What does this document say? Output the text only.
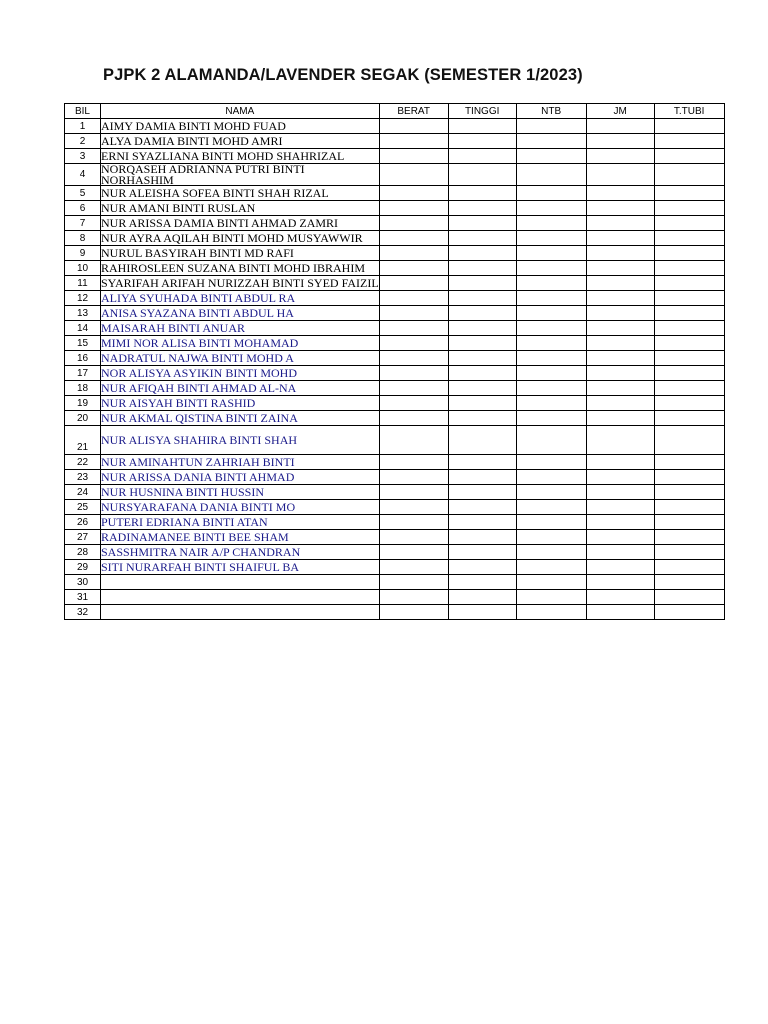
PJPK 2 ALAMANDA/LAVENDER SEGAK (SEMESTER 1/2023)
BIL	NAMA	BERAT	TINGGI	NTB	JM	T.TUBI
1	AIMY DAMIA BINTI MOHD FUAD					
2	ALYA DAMIA BINTI MOHD AMRI					
3	ERNI SYAZLIANA BINTI MOHD SHAHRIZAL					
4	NORQASEH ADRIANNA PUTRI BINTI NORHASHIM					
5	NUR ALEISHA SOFEA BINTI SHAH RIZAL					
6	NUR AMANI BINTI RUSLAN					
7	NUR ARISSA DAMIA BINTI AHMAD ZAMRI					
8	NUR AYRA AQILAH BINTI MOHD MUSYAWWIR					
9	NURUL BASYIRAH BINTI MD RAFI					
10	RAHIROSLEEN SUZANA BINTI MOHD IBRAHIM					
11	SYARIFAH ARIFAH NURIZZAH BINTI SYED FAIZIL					
12	ALIYA SYUHADA BINTI ABDUL RA					
13	ANISA SYAZANA BINTI ABDUL HA					
14	MAISARAH BINTI ANUAR					
15	MIMI NOR ALISA BINTI MOHAMAD					
16	NADRATUL NAJWA BINTI MOHD A					
17	NOR ALISYA ASYIKIN BINTI MOHD					
18	NUR AFIQAH BINTI AHMAD AL-NA					
19	NUR AISYAH BINTI RASHID					
20	NUR AKMAL QISTINA BINTI ZAINA					
21	NUR ALISYA SHAHIRA BINTI SHAH					
22	NUR AMINAHTUN ZAHRIAH BINTI					
23	NUR ARISSA DANIA BINTI AHMAD					
24	NUR HUSNINA BINTI HUSSIN					
25	NURSYARAFANA DANIA BINTI MO					
26	PUTERI EDRIANA BINTI ATAN					
27	RADINAMANEE BINTI BEE SHAM					
28	SASSHMITRA NAIR A/P CHANDRAN					
29	SITI NURARFAH BINTI SHAIFUL BA					
30						
31						
32						
